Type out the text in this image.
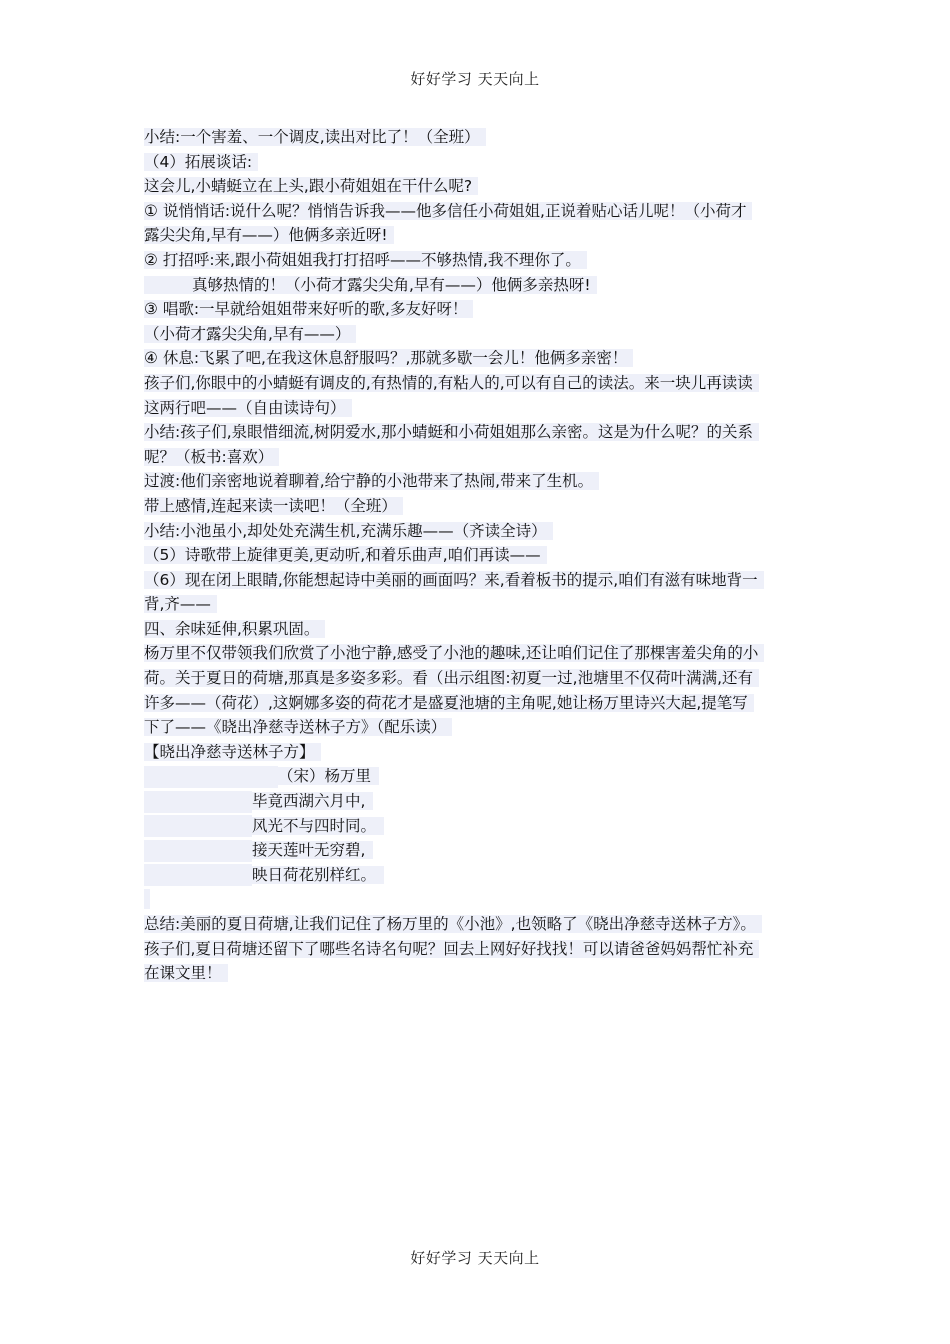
好好学习 天天向上
小结:一个害羞、一个调皮,读出对比了！（全班）
（4）拓展谈话:
这会儿,小蜻蜓立在上头,跟小荷姐姐在干什么呢?
① 说悄悄话:说什么呢？悄悄告诉我——他多信任小荷姐姐,正说着贴心话儿呢！（小荷才
露尖尖角,早有——）他俩多亲近呀!
② 打招呼:来,跟小荷姐姐我打打招呼——不够热情,我不理你了。
真够热情的！（小荷才露尖尖角,早有——）他俩多亲热呀!
③ 唱歌:一早就给姐姐带来好听的歌,多友好呀！
（小荷才露尖尖角,早有——）
④ 休息:飞累了吧,在我这休息舒服吗？,那就多歇一会儿！他俩多亲密！
孩子们,你眼中的小蜻蜓有调皮的,有热情的,有粘人的,可以有自己的读法。来一块儿再读读
这两行吧——（自由读诗句）
小结:孩子们,泉眼惜细流,树阴爱水,那小蜻蜓和小荷姐姐那么亲密。这是为什么呢？的关系
呢？（板书:喜欢）
过渡:他们亲密地说着聊着,给宁静的小池带来了热闹,带来了生机。
带上感情,连起来读一读吧！（全班）
小结:小池虽小,却处处充满生机,充满乐趣——（齐读全诗）
（5）诗歌带上旋律更美,更动听,和着乐曲声,咱们再读——
（6）现在闭上眼睛,你能想起诗中美丽的画面吗？来,看着板书的提示,咱们有滋有味地背一
背,齐——
四、余味延伸,积累巩固。
杨万里不仅带领我们欣赏了小池宁静,感受了小池的趣味,还让咱们记住了那棵害羞尖角的小
荷。关于夏日的荷塘,那真是多姿多彩。看（出示组图:初夏一过,池塘里不仅荷叶满满,还有
许多——（荷花）,这婀娜多姿的荷花才是盛夏池塘的主角呢,她让杨万里诗兴大起,提笔写
下了——《晓出净慈寺送林子方》（配乐读）
【晓出净慈寺送林子方】
（宋）杨万里
毕竟西湖六月中,
风光不与四时同。
接天莲叶无穷碧,
映日荷花别样红。
总结:美丽的夏日荷塘,让我们记住了杨万里的《小池》,也领略了《晓出净慈寺送林子方》。
孩子们,夏日荷塘还留下了哪些名诗名句呢？回去上网好好找找！可以请爸爸妈妈帮忙补充
在课文里！
好好学习 天天向上
